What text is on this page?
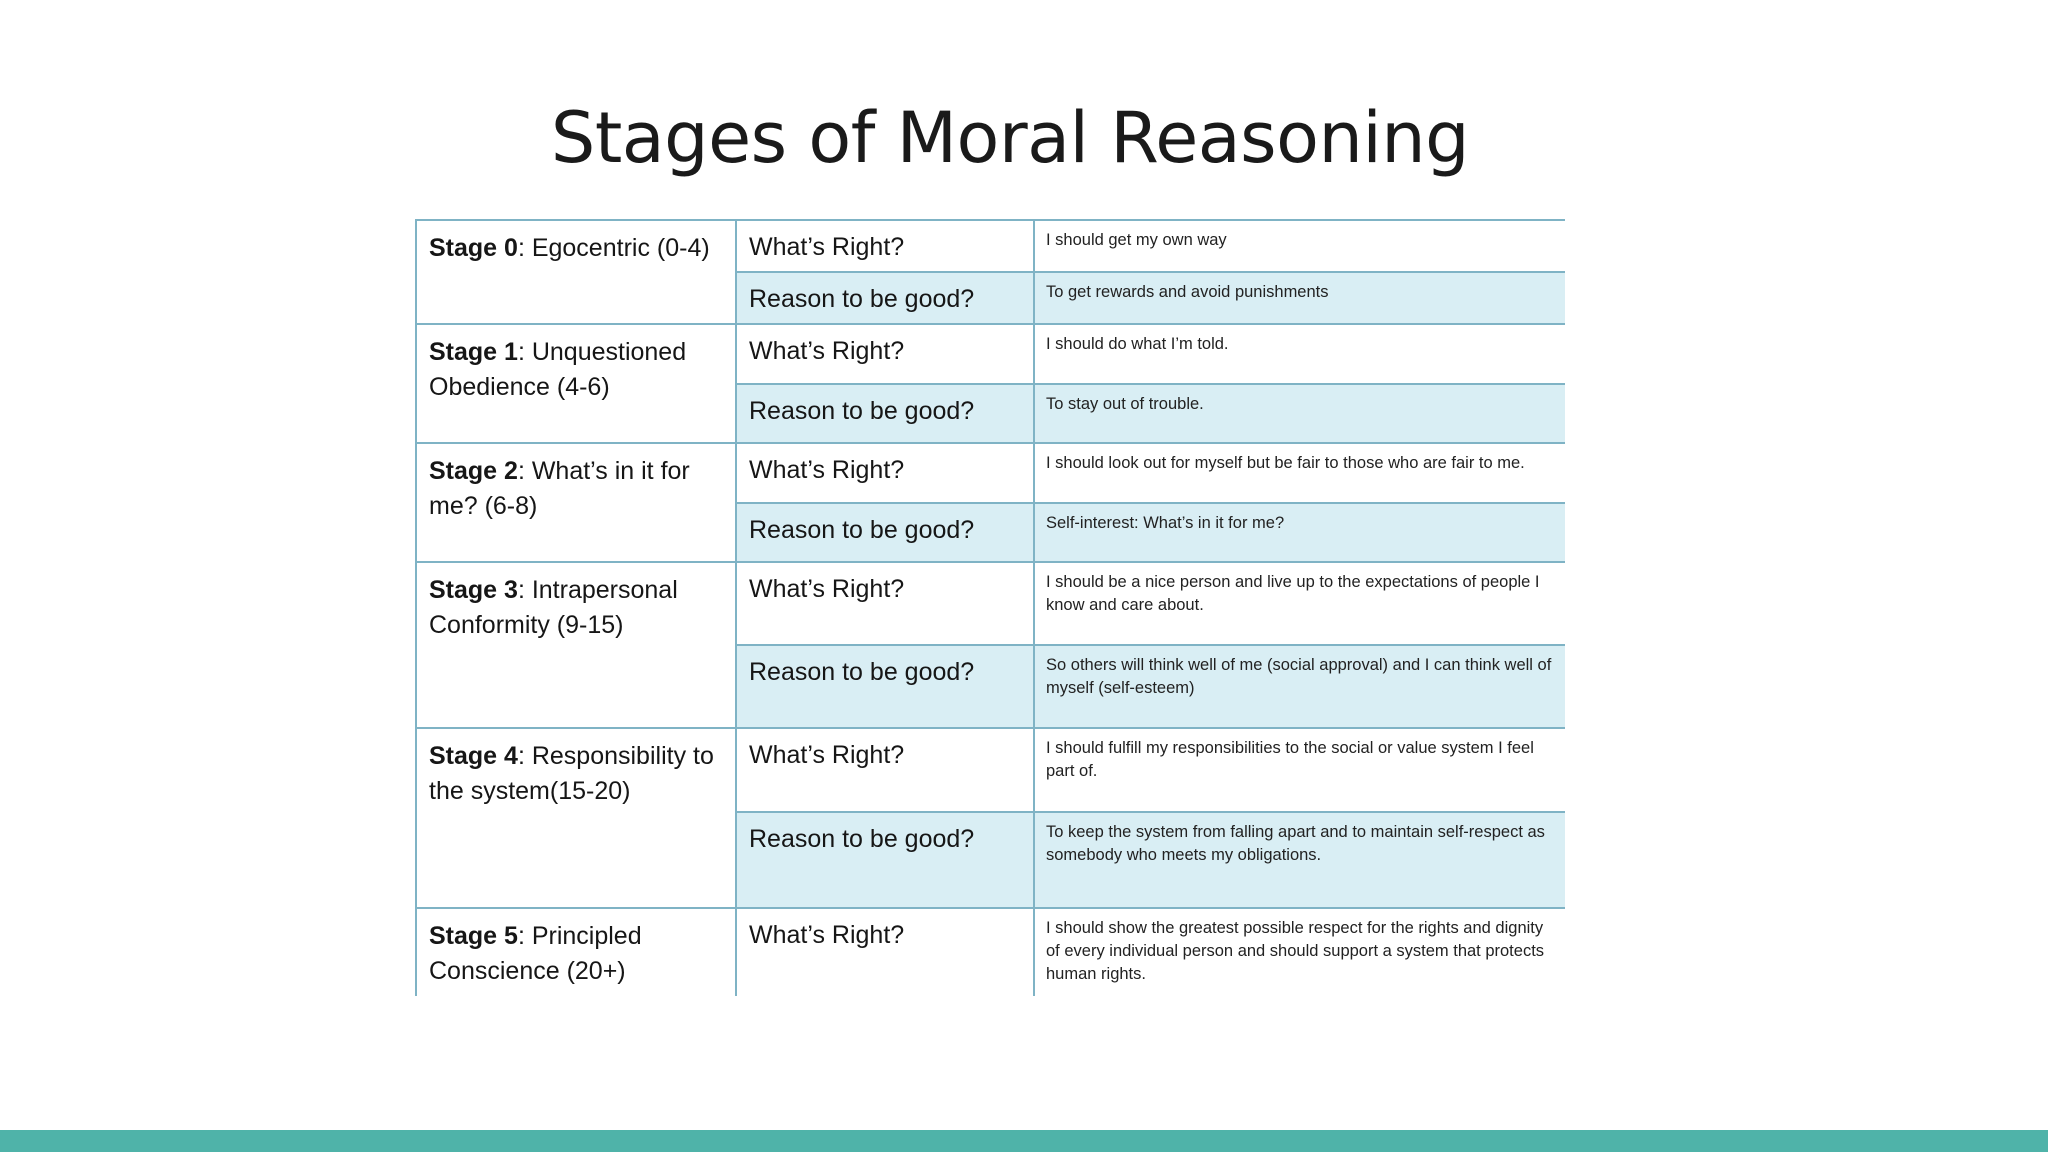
Stages of Moral Reasoning
Stage 0: Egocentric (0-4)	What’s Right?	I should get my own way
	Reason to be good?	To get rewards and avoid punishments
Stage 1: Unquestioned Obedience (4-6)	What’s Right?	I should do what I’m told.
	Reason to be good?	To stay out of trouble.
Stage 2: What’s in it for me? (6-8)	What’s Right?	I should look out for myself but be fair to those who are fair to me.
	Reason to be good?	Self-interest: What’s in it for me?
Stage 3: Intrapersonal Conformity (9-15)	What’s Right?	I should be a nice person and live up to the expectations of people I know and care about.
	Reason to be good?	So others will think well of me (social approval) and I can think well of myself (self-esteem)
Stage 4: Responsibility to the system(15-20)	What’s Right?	I should fulfill my responsibilities to the social or value system I feel part of.
	Reason to be good?	To keep the system from falling apart and to maintain self-respect as somebody who meets my obligations.
Stage 5: Principled Conscience (20+)	What’s Right?	I should show the greatest possible respect for the rights and dignity of every individual person and should support a system that protects human rights.
